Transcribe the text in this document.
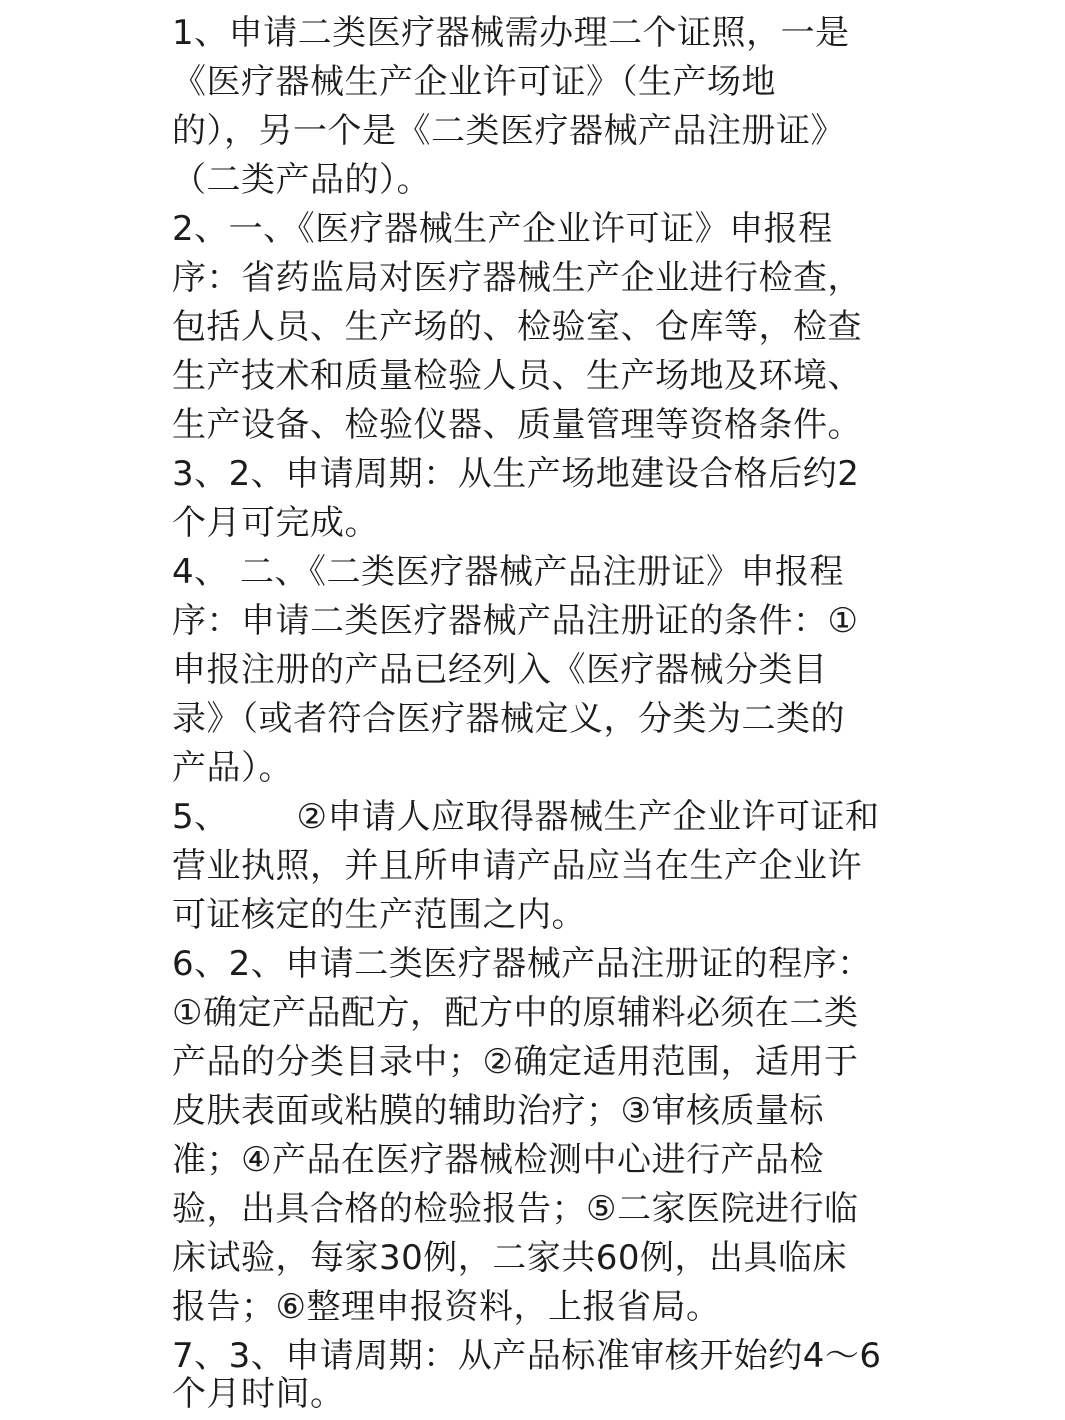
1、申请二类医疗器械需办理二个证照，一是

《医疗器械生产企业许可证》（生产场地

的），另一个是《二类医疗器械产品注册证》

（二类产品的）。

2、一、《医疗器械生产企业许可证》申报程

序：省药监局对医疗器械生产企业进行检查，

包括人员、生产场的、检验室、仓库等，检查

生产技术和质量检验人员、生产场地及环境、

生产设备、检验仪器、质量管理等资格条件。

3、2、申请周期：从生产场地建设合格后约2

个月可完成。

4、 二、《二类医疗器械产品注册证》申报程

序：申请二类医疗器械产品注册证的条件：①

申报注册的产品已经列入《医疗器械分类目

录》（或者符合医疗器械定义，分类为二类的

产品）。

5、      ②申请人应取得器械生产企业许可证和

营业执照，并且所申请产品应当在生产企业许

可证核定的生产范围之内。

6、2、申请二类医疗器械产品注册证的程序：

①确定产品配方，配方中的原辅料必须在二类

产品的分类目录中；②确定适用范围，适用于

皮肤表面或粘膜的辅助治疗；③审核质量标

准；④产品在医疗器械检测中心进行产品检

验，出具合格的检验报告；⑤二家医院进行临

床试验，每家30例，二家共60例，出具临床

报告；⑥整理申报资料，上报省局。

7、3、申请周期：从产品标准审核开始约4～6

个月时间。
